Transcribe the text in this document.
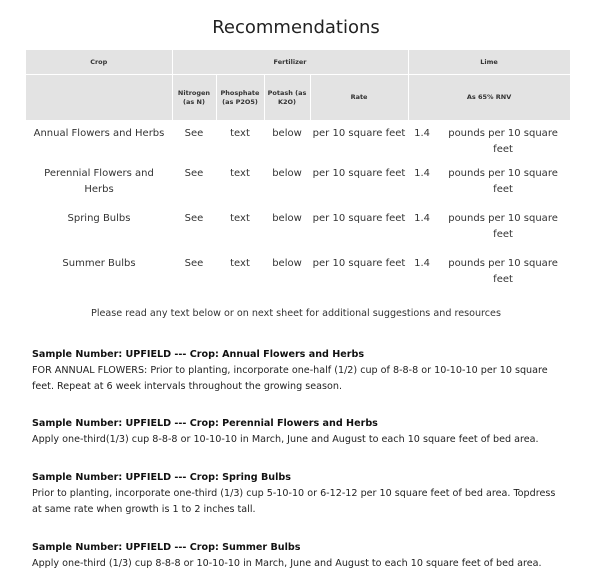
Recommendations
Crop	Fertilizer				Lime	
	Nitrogen (as N)	Phosphate (as P2O5)	Potash (as K2O)	Rate	As 65% RNV	
Annual Flowers and Herbs	See	text	below	per 10 square feet	1.4	pounds per 10 square feet
Perennial Flowers and Herbs	See	text	below	per 10 square feet	1.4	pounds per 10 square feet
Spring Bulbs	See	text	below	per 10 square feet	1.4	pounds per 10 square feet
Summer Bulbs	See	text	below	per 10 square feet	1.4	pounds per 10 square feet
Please read any text below or on next sheet for additional suggestions and resources
Sample Number: UPFIELD --- Crop: Annual Flowers and Herbs
FOR ANNUAL FLOWERS: Prior to planting, incorporate one-half (1/2) cup of 8-8-8 or 10-10-10 per 10 square feet. Repeat at 6 week intervals throughout the growing season.
Sample Number: UPFIELD --- Crop: Perennial Flowers and Herbs
Apply one-third(1/3) cup 8-8-8 or 10-10-10 in March, June and August to each 10 square feet of bed area.
Sample Number: UPFIELD --- Crop: Spring Bulbs
Prior to planting, incorporate one-third (1/3) cup 5-10-10 or 6-12-12 per 10 square feet of bed area. Topdress at same rate when growth is 1 to 2 inches tall.
Sample Number: UPFIELD --- Crop: Summer Bulbs
Apply one-third (1/3) cup 8-8-8 or 10-10-10 in March, June and August to each 10 square feet of bed area.
